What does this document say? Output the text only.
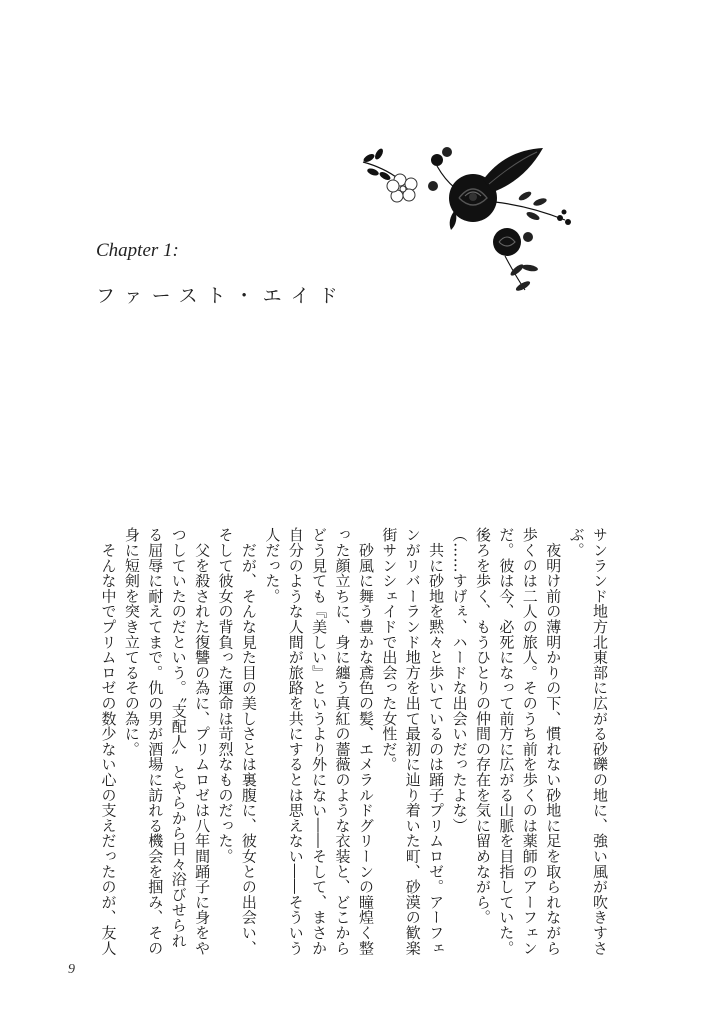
Chapter 1:
ファースト・エイド

サンランド地方北東部に広がる砂礫の地に、強い風が吹きすさぶ。

　夜明け前の薄明かりの下、慣れない砂地に足を取られながら歩くのは二人の旅人。そのうち前を歩くのは薬師のアーフェンだ。彼は今、必死になって前方に広がる山脈を目指していた。後ろを歩く、もうひとりの仲間の存在を気に留めながら。

（……すげぇ、ハードな出会いだったよな）

　共に砂地を黙々と歩いているのは踊子プリムロゼ。アーフェンがリバーランド地方を出て最初に辿り着いた町、砂漠の歓楽街サンシェイドで出会った女性だ。

　砂風に舞う豊かな鳶色の髪、エメラルドグリーンの瞳煌く整った顔立ちに、身に纏う真紅の薔薇のような衣装と、どこから どう見ても『美しい』というより外にない――そして、まさか自分のような人間が旅路を共にするとは思えない――そういう人だった。

　だが、そんな見た目の美しさとは裏腹に、彼女との出会い、そして彼女の背負った運命は苛烈なものだった。

　父を殺された復讐の為に、プリムロゼは八年間踊子に身をやつしていたのだという。〝支配人〟とやらから日々浴びせられる屈辱に耐えてまで。仇の男が酒場に訪れる機会を掴み、その身に短剣を突き立てるその為に。

　そんな中でプリムロゼの数少ない心の支えだったのが、友人

9
